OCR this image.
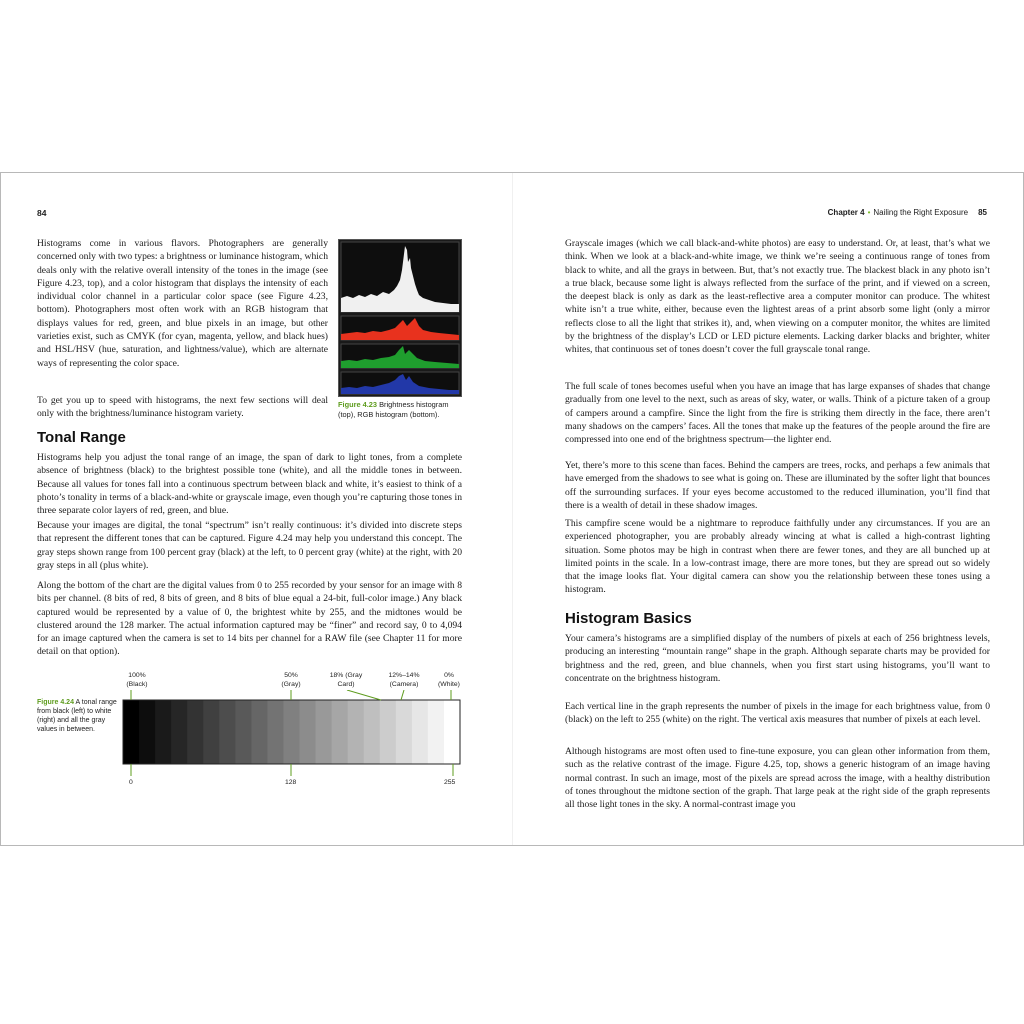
84

Histograms come in various flavors. Photographers are generally concerned only with two types: a brightness or luminance histogram, which deals only with the relative overall intensity of the tones in the image (see Figure 4.23, top), and a color histogram that displays the intensity of each individual color channel in a particular color space (see Figure 4.23, bottom). Photographers most often work with an RGB histogram that displays values for red, green, and blue pixels in an image, but other varieties exist, such as CMYK (for cyan, magenta, yellow, and black hues) and HSL/HSV (hue, saturation, and lightness/value), which are alternate ways of representing the color space.

To get you up to speed with histograms, the next few sections will deal only with the brightness/luminance histogram variety.

Figure 4.23 Brightness histogram (top), RGB histogram (bottom).
Tonal Range

Histograms help you adjust the tonal range of an image, the span of dark to light tones, from a complete absence of brightness (black) to the brightest possible tone (white), and all the middle tones in between. Because all values for tones fall into a continuous spectrum between black and white, it’s easiest to think of a photo’s tonality in terms of a black-and-white or grayscale image, even though you’re capturing those tones in three separate color layers of red, green, and blue.

Because your images are digital, the tonal “spectrum” isn’t really continuous: it’s divided into discrete steps that represent the different tones that can be captured. Figure 4.24 may help you understand this concept. The gray steps shown range from 100 percent gray (black) at the left, to 0 percent gray (white) at the right, with 20 gray steps in all (plus white).

Along the bottom of the chart are the digital values from 0 to 255 recorded by your sensor for an image with 8 bits per channel. (8 bits of red, 8 bits of green, and 8 bits of blue equal a 24-bit, full-color image.) Any black captured would be represented by a value of 0, the brightest white by 255, and the midtones would be clustered around the 128 marker. The actual information captured may be “finer” and record say, 0 to 4,094 for an image captured when the camera is set to 14 bits per channel for a RAW file (see Chapter 11 for more detail on that option).

Figure 4.24 A tonal range from black (left) to white (right) and all the gray values in between.
100% (Black)
50% (Gray)
18% (Gray Card)
12%–14% (Camera)
0% (White)
0	128	255
Chapter 4 • Nailing the Right Exposure 85

Grayscale images (which we call black-and-white photos) are easy to understand. Or, at least, that’s what we think. When we look at a black-and-white image, we think we’re seeing a continuous range of tones from black to white, and all the grays in between. But, that’s not exactly true. The blackest black in any photo isn’t a true black, because some light is always reflected from the surface of the print, and if viewed on a screen, the deepest black is only as dark as the least-reflective area a computer monitor can produce. The whitest white isn’t a true white, either, because even the lightest areas of a print absorb some light (only a mirror reflects close to all the light that strikes it), and, when viewing on a computer monitor, the whites are limited by the brightness of the display’s LCD or LED picture elements. Lacking darker blacks and brighter, whiter whites, that continuous set of tones doesn’t cover the full grayscale tonal range.

The full scale of tones becomes useful when you have an image that has large expanses of shades that change gradually from one level to the next, such as areas of sky, water, or walls. Think of a picture taken of a group of campers around a campfire. Since the light from the fire is striking them directly in the face, there aren’t many shadows on the campers’ faces. All the tones that make up the features of the people around the fire are compressed into one end of the brightness spectrum—the lighter end.

Yet, there’s more to this scene than faces. Behind the campers are trees, rocks, and perhaps a few animals that have emerged from the shadows to see what is going on. These are illuminated by the softer light that bounces off the surrounding surfaces. If your eyes become accustomed to the reduced illumination, you’ll find that there is a wealth of detail in these shadow images.

This campfire scene would be a nightmare to reproduce faithfully under any circumstances. If you are an experienced photographer, you are probably already wincing at what is called a high-contrast lighting situation. Some photos may be high in contrast when there are fewer tones, and they are all bunched up at limited points in the scale. In a low-contrast image, there are more tones, but they are spread out so widely that the image looks flat. Your digital camera can show you the relationship between these tones using a histogram.

Histogram Basics

Your camera’s histograms are a simplified display of the numbers of pixels at each of 256 brightness levels, producing an interesting “mountain range” shape in the graph. Although separate charts may be provided for brightness and the red, green, and blue channels, when you first start using histograms, you’ll want to concentrate on the brightness histogram.

Each vertical line in the graph represents the number of pixels in the image for each brightness value, from 0 (black) on the left to 255 (white) on the right. The vertical axis measures that number of pixels at each level.

Although histograms are most often used to fine-tune exposure, you can glean other information from them, such as the relative contrast of the image. Figure 4.25, top, shows a generic histogram of an image having normal contrast. In such an image, most of the pixels are spread across the image, with a healthy distribution of tones throughout the midtone section of the graph. That large peak at the right side of the graph represents all those light tones in the sky. A normal-contrast image you
